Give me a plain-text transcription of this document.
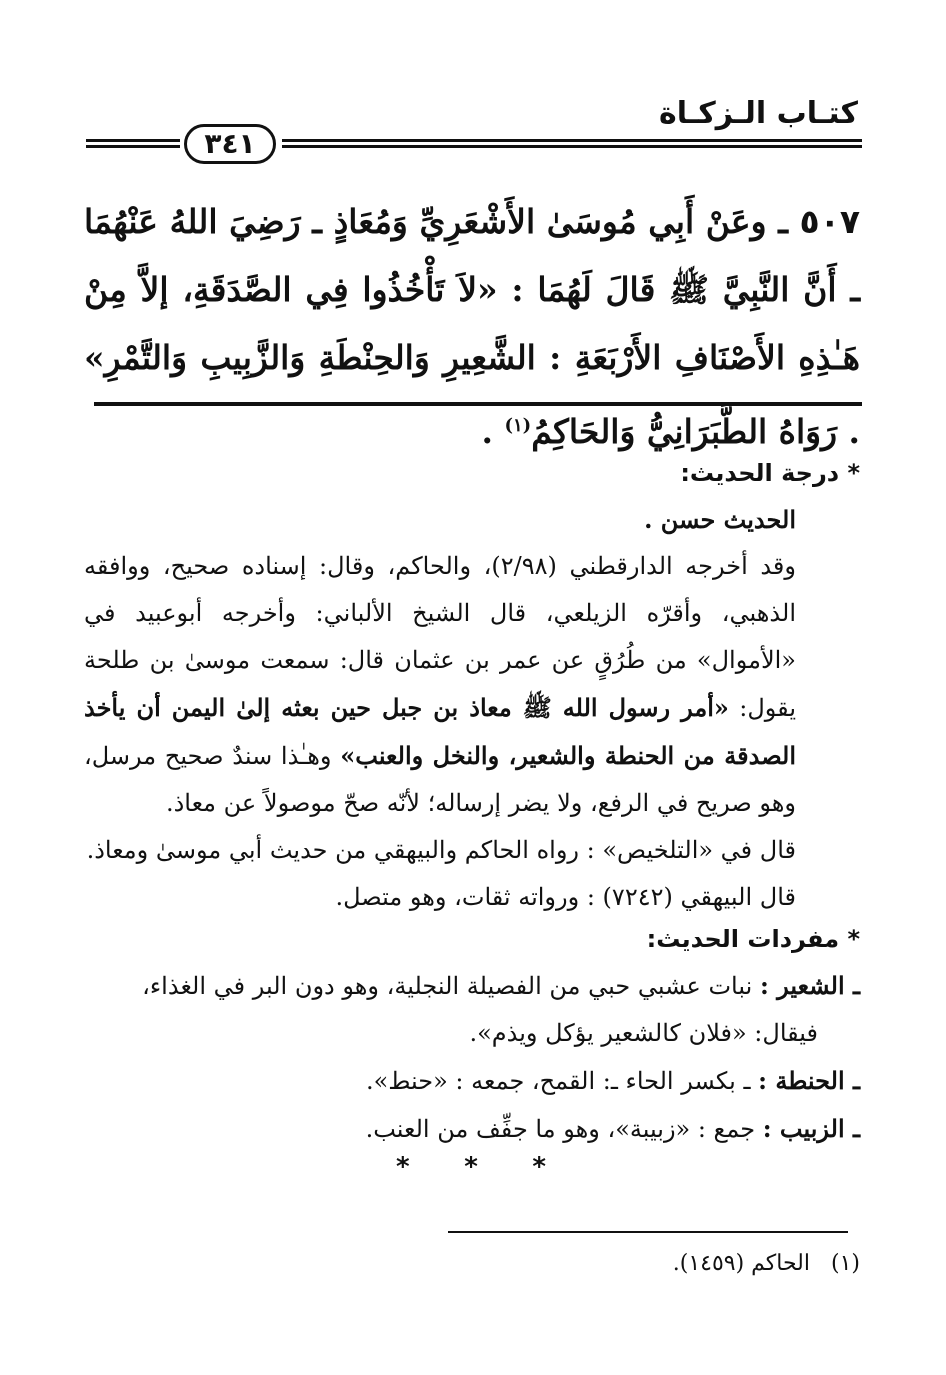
كتـاب الـزكـاة
٣٤١
٥٠٧ ـ وعَنْ أَبِي مُوسَىٰ الأَشْعَرِيِّ وَمُعَاذٍ ـ رَضِيَ اللهُ عَنْهُمَا ـ أَنَّ النَّبِيَّ ﷺ قَالَ لَهُمَا : «لاَ تَأْخُذُوا فِي الصَّدَقَةِ، إلاَّ مِنْ هَـٰذِهِ الأَصْنَافِ الأَرْبَعَةِ : الشَّعِيرِ وَالحِنْطَةِ وَالزَّبِيبِ وَالتَّمْرِ» . رَوَاهُ الطَّبَرَانِيُّ وَالحَاكِمُ$^{(١)}$ .
* درجة الحديث:

الحديث حسن .

وقد أخرجه الدارقطني (٢/٩٨)، والحاكم، وقال: إسناده صحيح، ووافقه الذهبي، وأقرّه الزيلعي، قال الشيخ الألباني: وأخرجه أبوعبيد في «الأموال» من طُرُقٍ عن عمر بن عثمان قال: سمعت موسىٰ بن طلحة يقول: «أمر رسول الله ﷺ معاذ بن جبل حين بعثه إلىٰ اليمن أن يأخذ الصدقة من الحنطة والشعير، والنخل والعنب» وهـٰذا سندٌ صحيح مرسل، وهو صريح في الرفع، ولا يضر إرساله؛ لأنّه صحّ موصولاً عن معاذ.

قال في «التلخيص» : رواه الحاكم والبيهقي من حديث أبي موسىٰ ومعاذ.

قال البيهقي (٧٢٤٢) : ورواته ثقات، وهو متصل.

* مفردات الحديث:

ـ الشعير : نبات عشبي حبي من الفصيلة النجلية، وهو دون البر في الغذاء،

فيقال: «فلان كالشعير يؤكل ويذم».

ـ الحنطة : ـ بكسر الحاء ـ: القمح، جمعه : «حنط».

ـ الزبيب : جمع : «زبيبة»، وهو ما جفِّف من العنب.

* * *
(١)   الحاكم (١٤٥٩).
